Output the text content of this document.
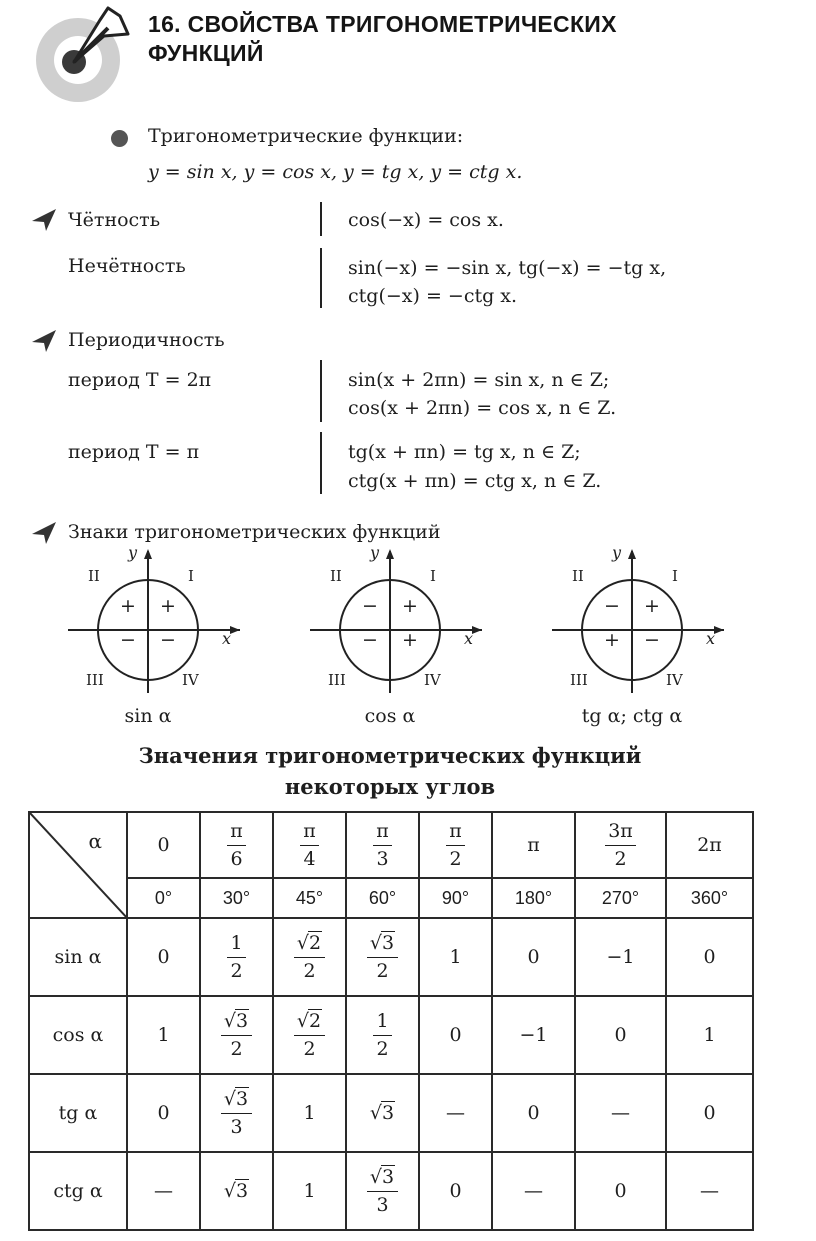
16. СВОЙСТВА ТРИГОНОМЕТРИЧЕСКИХ
ФУНКЦИЙ
Тригонометрические функции:
y = sin x, y = cos x, y = tg x, y = ctg x.
Чётность	cos(−x) = cos x.
Нечётность	sin(−x) = −sin x, tg(−x) = −tg x,
ctg(−x) = −ctg x.
Периодичность
период T = 2π	sin(x + 2πn) = sin x, n ∈ Z;
cos(x + 2πn) = cos x, n ∈ Z.
период T = π	tg(x + πn) = tg x, n ∈ Z;
ctg(x + πn) = ctg x, n ∈ Z.
Знаки тригонометрических функций
y
x
II	I
III	IV
+ +
− −
sin α
y
x
II	I
III	IV
− +
− +
cos α
y
x
II	I
III	IV
− +
+ −
tg α; ctg α
Значения тригонометрических функций
некоторых углов
α	0	$\frac{\pi}{6}$	$\frac{\pi}{4}$	$\frac{\pi}{3}$	$\frac{\pi}{2}$	π	$\frac{3\pi}{2}$	2π
	0°	30°	45°	60°	90°	180°	270°	360°
sin α	0	$\frac{1}{2}$	$\frac{√2}{2}$	$\frac{√3}{2}$	1	0	−1	0
cos α	1	$\frac{√3}{2}$	$\frac{√2}{2}$	$\frac{1}{2}$	0	−1	0	1
tg α	0	$\frac{√3}{3}$	1	√3	—	0	—	0
ctg α	—	√3	1	$\frac{√3}{3}$	0	—	0	—
